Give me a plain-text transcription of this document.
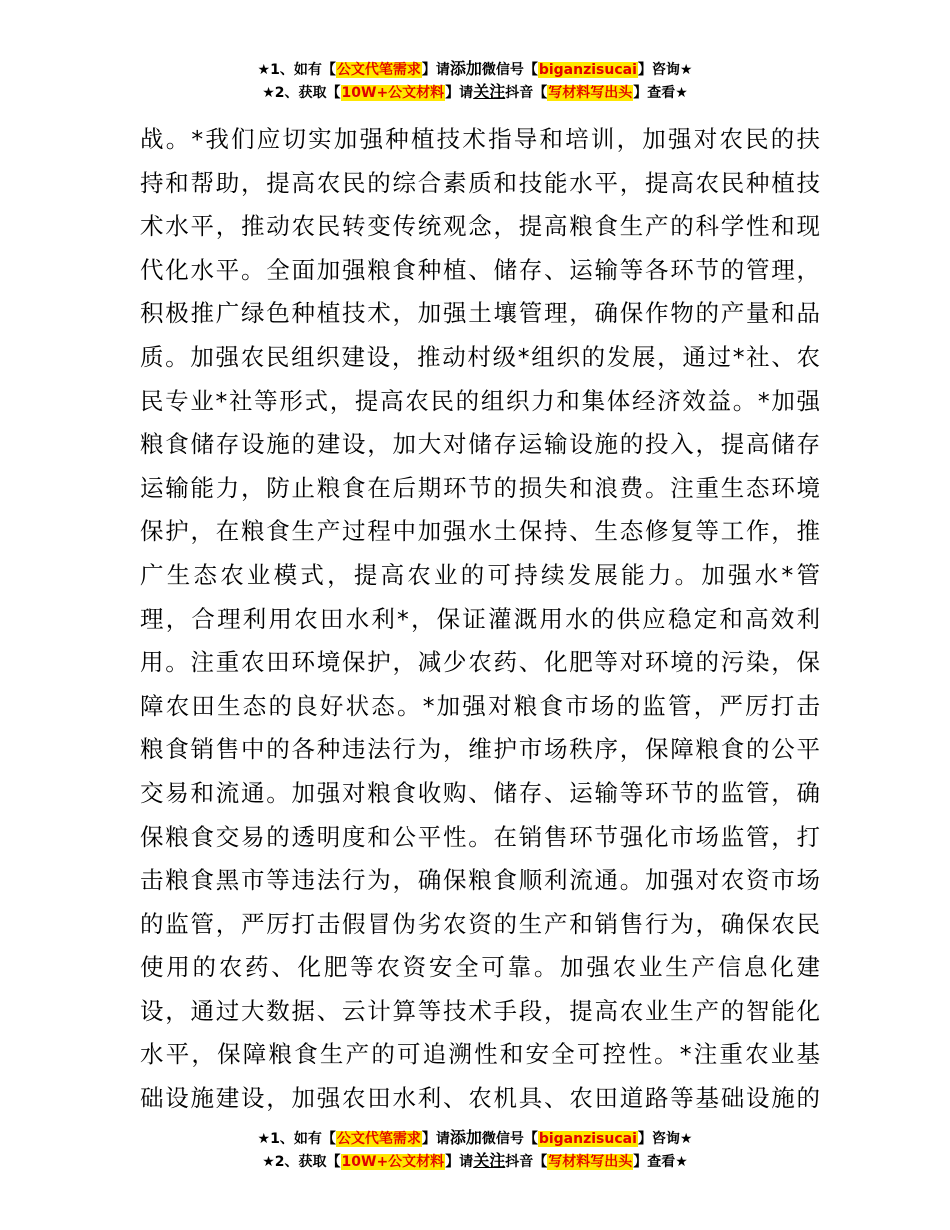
★1、如有【公文代笔需求】请添加微信号【biganzisucai】咨询★
★2、获取【10W+公文材料】请关注抖音【写材料写出头】查看★
战。*我们应切实加强种植技术指导和培训，加强对农民的扶
持和帮助，提高农民的综合素质和技能水平，提高农民种植技
术水平，推动农民转变传统观念，提高粮食生产的科学性和现
代化水平。全面加强粮食种植、储存、运输等各环节的管理，
积极推广绿色种植技术，加强土壤管理，确保作物的产量和品
质。加强农民组织建设，推动村级*组织的发展，通过*社、农
民专业*社等形式，提高农民的组织力和集体经济效益。*加强
粮食储存设施的建设，加大对储存运输设施的投入，提高储存
运输能力，防止粮食在后期环节的损失和浪费。注重生态环境
保护，在粮食生产过程中加强水土保持、生态修复等工作，推
广生态农业模式，提高农业的可持续发展能力。加强水*管
理，合理利用农田水利*，保证灌溉用水的供应稳定和高效利
用。注重农田环境保护，减少农药、化肥等对环境的污染，保
障农田生态的良好状态。*加强对粮食市场的监管，严厉打击
粮食销售中的各种违法行为，维护市场秩序，保障粮食的公平
交易和流通。加强对粮食收购、储存、运输等环节的监管，确
保粮食交易的透明度和公平性。在销售环节强化市场监管，打
击粮食黑市等违法行为，确保粮食顺利流通。加强对农资市场
的监管，严厉打击假冒伪劣农资的生产和销售行为，确保农民
使用的农药、化肥等农资安全可靠。加强农业生产信息化建
设，通过大数据、云计算等技术手段，提高农业生产的智能化
水平，保障粮食生产的可追溯性和安全可控性。*注重农业基
础设施建设，加强农田水利、农机具、农田道路等基础设施的
★1、如有【公文代笔需求】请添加微信号【biganzisucai】咨询★
★2、获取【10W+公文材料】请关注抖音【写材料写出头】查看★
